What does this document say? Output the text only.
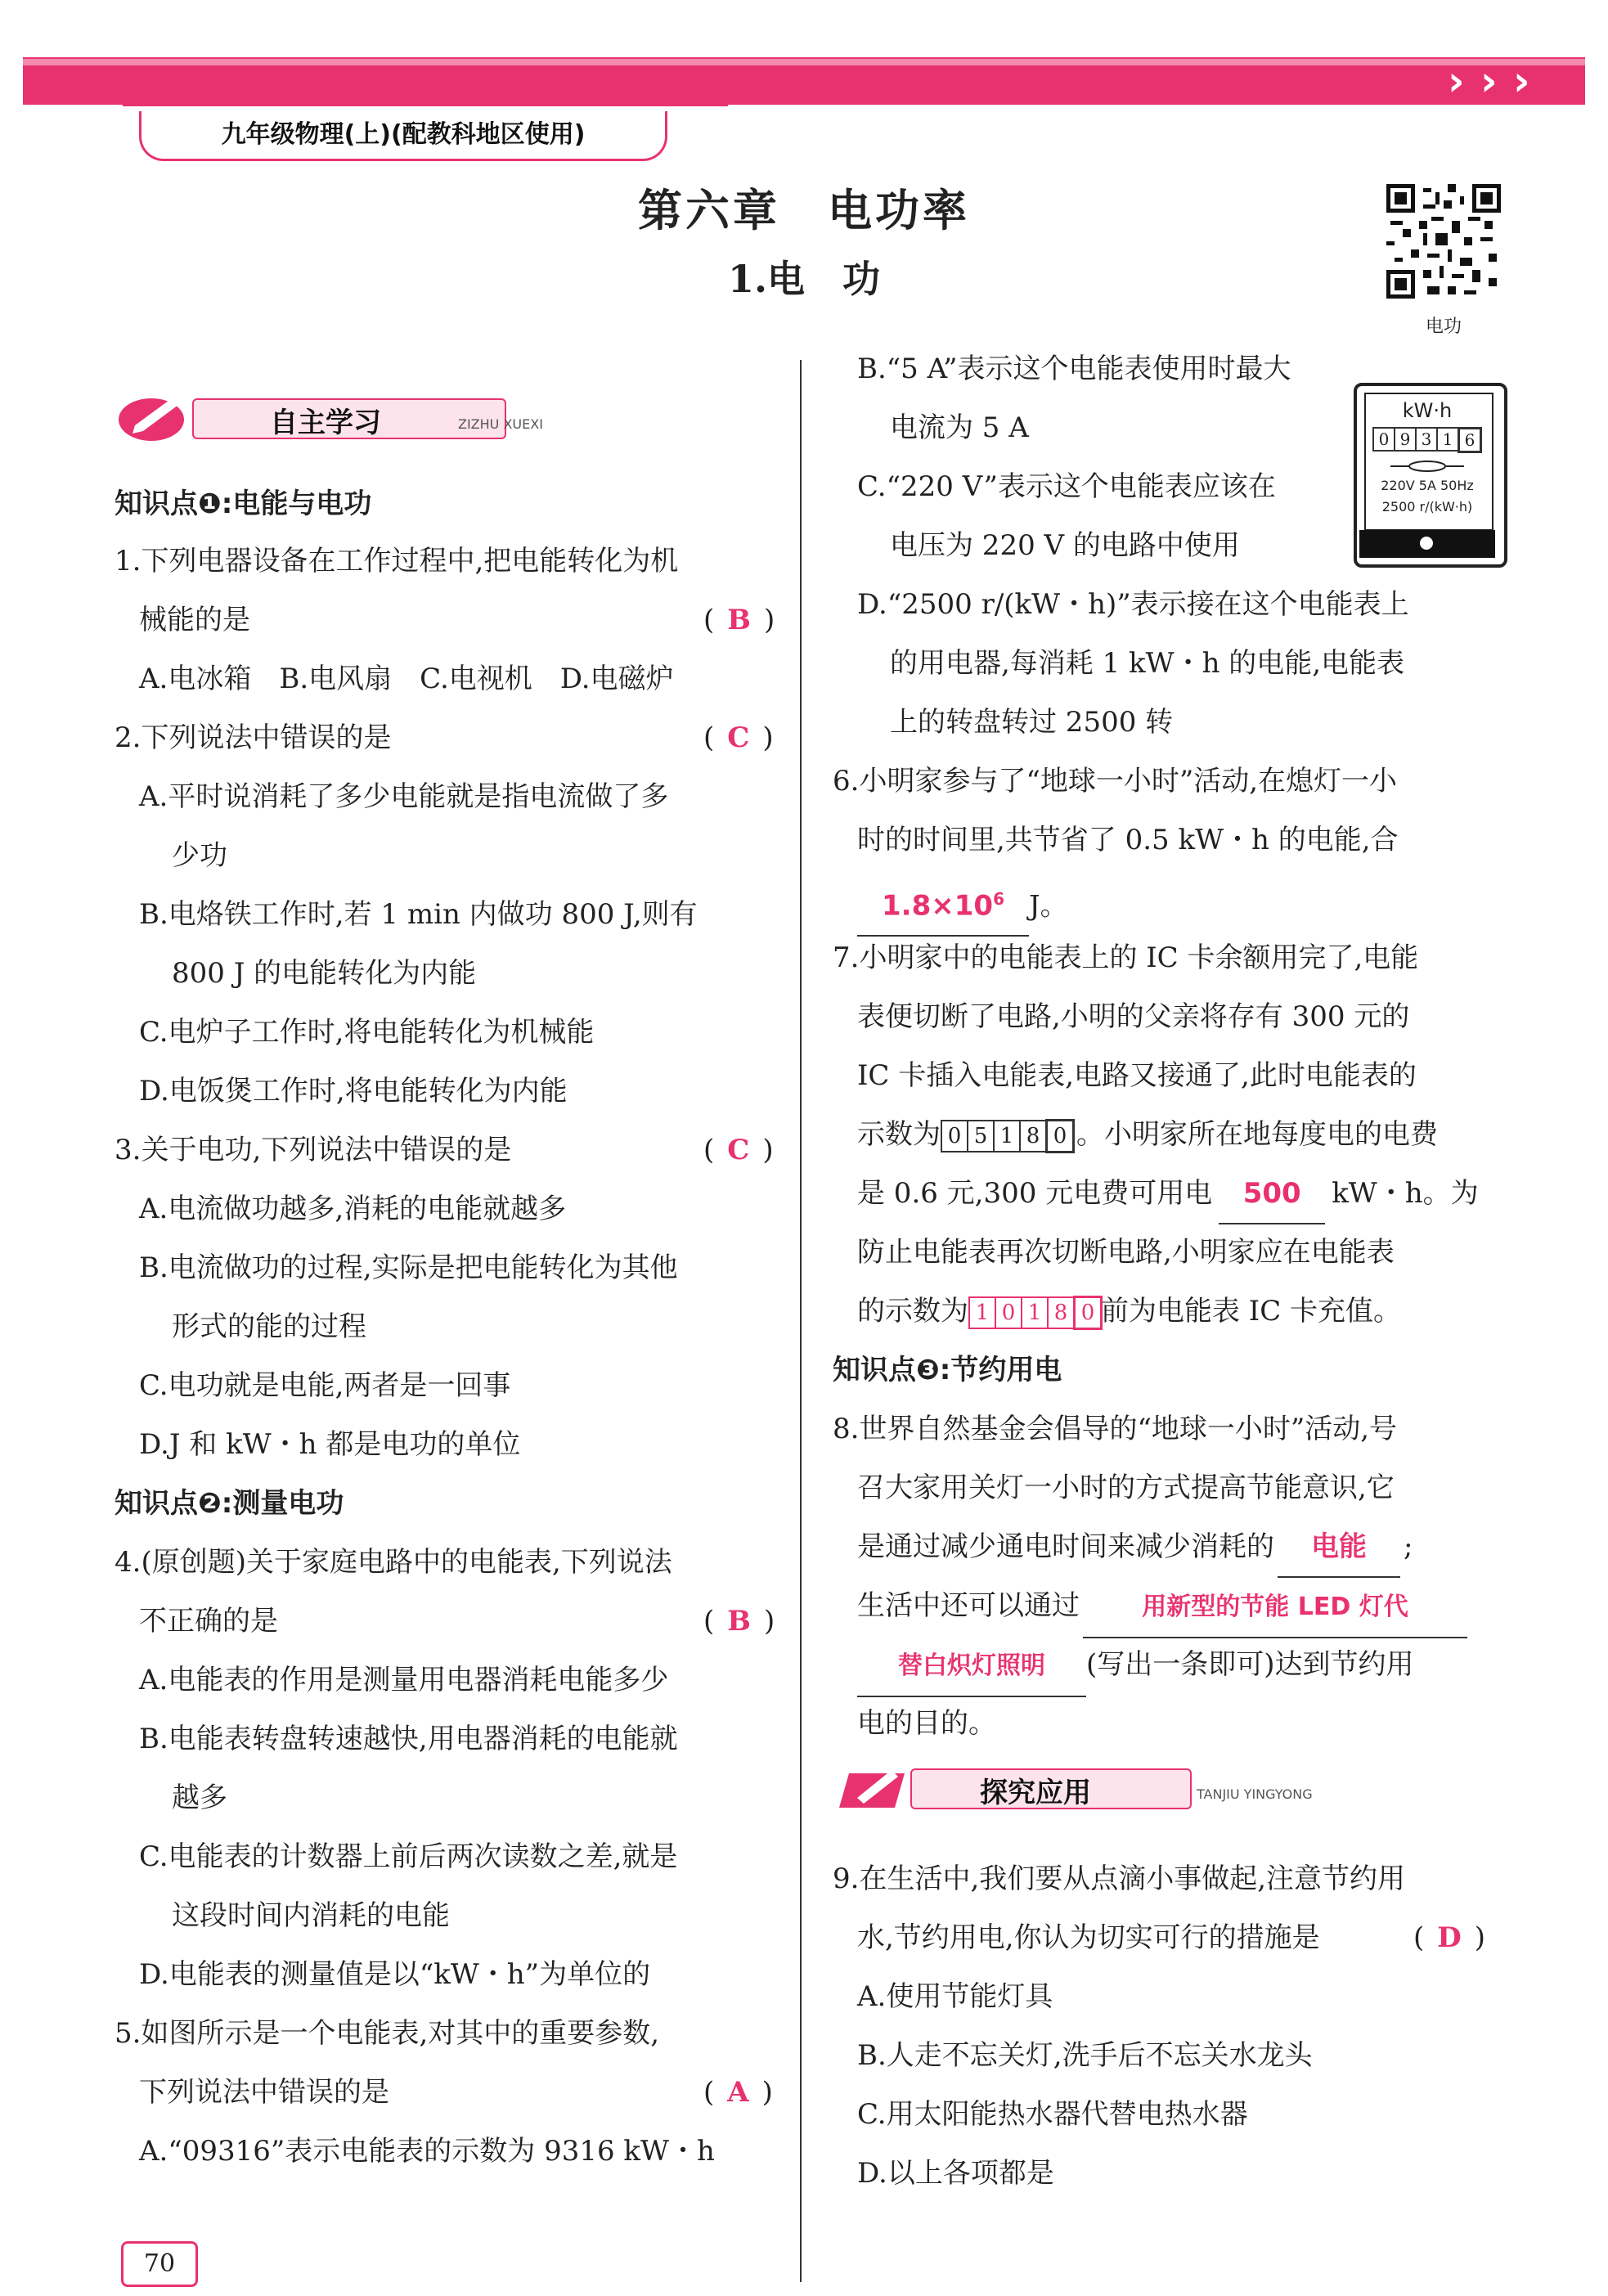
› › ›
九年级物理(上)(配教科地区使用)
第六章　电功率
1.电　功
电功
自主学习	ZIZHU XUEXI
知识点❶:电能与电功
1.下列电器设备在工作过程中,把电能转化为机
械能的是	( B )
A.电冰箱　B.电风扇　C.电视机　D.电磁炉
2.下列说法中错误的是	( C )
A.平时说消耗了多少电能就是指电流做了多
少功
B.电烙铁工作时,若 1 min 内做功 800 J,则有
800 J 的电能转化为内能
C.电炉子工作时,将电能转化为机械能
D.电饭煲工作时,将电能转化为内能
3.关于电功,下列说法中错误的是	( C )
A.电流做功越多,消耗的电能就越多
B.电流做功的过程,实际是把电能转化为其他
形式的能的过程
C.电功就是电能,两者是一回事
D.J 和 kW・h 都是电功的单位
知识点❷:测量电功
4.(原创题)关于家庭电路中的电能表,下列说法
不正确的是	( B )
A.电能表的作用是测量用电器消耗电能多少
B.电能表转盘转速越快,用电器消耗的电能就
越多
C.电能表的计数器上前后两次读数之差,就是
这段时间内消耗的电能
D.电能表的测量值是以“kW・h”为单位的
5.如图所示是一个电能表,对其中的重要参数,
下列说法中错误的是	( A )
A.“09316”表示电能表的示数为 9316 kW・h
kW·h
0 9 3 1 6
220V 5A 50Hz
2500 r/(kW·h)
B.“5 A”表示这个电能表使用时最大
电流为 5 A
C.“220 V”表示这个电能表应该在
电压为 220 V 的电路中使用
D.“2500 r/(kW・h)”表示接在这个电能表上
的用电器,每消耗 1 kW・h 的电能,电能表
上的转盘转过 2500 转
6.小明家参与了“地球一小时”活动,在熄灯一小
时的时间里,共节省了 0.5 kW・h 的电能,合
$1.8\times 10^6$ J。
7.小明家中的电能表上的 IC 卡余额用完了,电能
表便切断了电路,小明的父亲将存有 300 元的
IC 卡插入电能表,电路又接通了,此时电能表的
示数为 0 5 1 8 0 。小明家所在地每度电的电费
是 0.6 元,300 元电费可用电 500 kW・h。为
防止电能表再次切断电路,小明家应在电能表
的示数为 1 0 1 8 0 前为电能表 IC 卡充值。
知识点❸:节约用电
8.世界自然基金会倡导的“地球一小时”活动,号
召大家用关灯一小时的方式提高节能意识,它
是通过减少通电时间来减少消耗的 电能 ;
生活中还可以通过	用新型的节能 LED 灯代
替白炽灯照明 (写出一条即可)达到节约用
电的目的。
9.在生活中,我们要从点滴小事做起,注意节约用
水,节约用电,你认为切实可行的措施是	( D )
A.使用节能灯具
B.人走不忘关灯,洗手后不忘关水龙头
C.用太阳能热水器代替电热水器
D.以上各项都是
探究应用	TANJIU YINGYONG
70
